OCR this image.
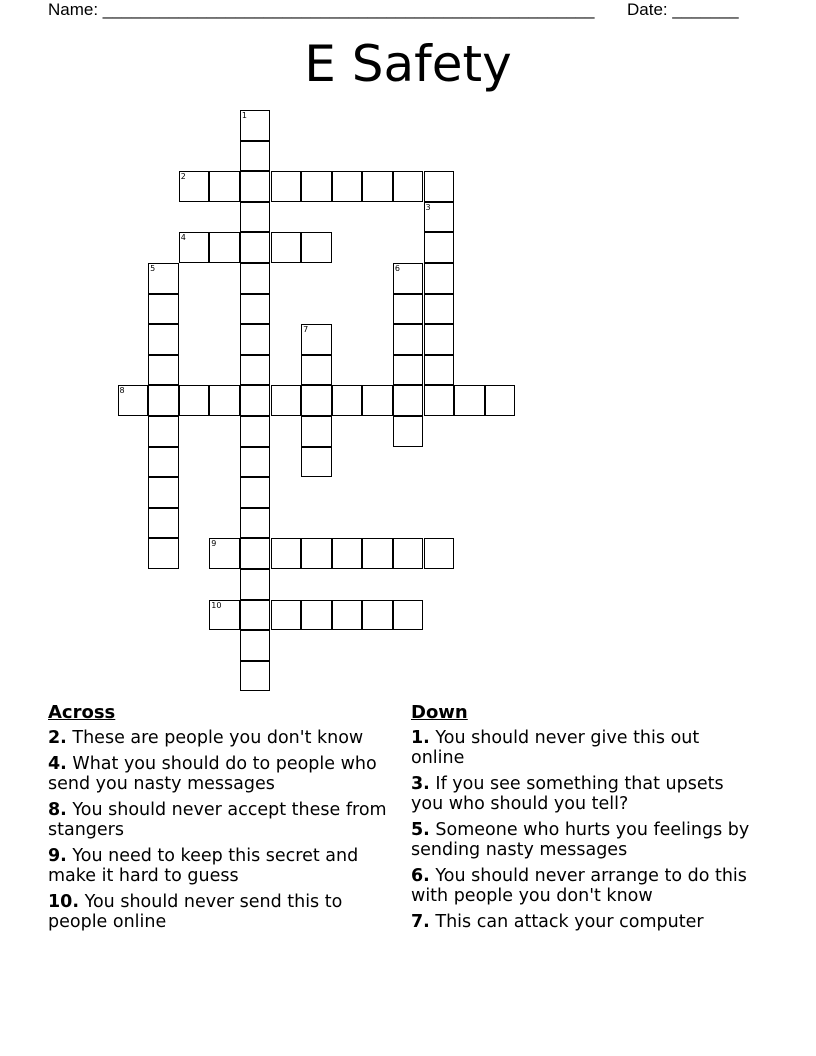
Name: ____________________________________________________ Date: _______
E Safety
1
2
3
4
5	6
7
8
9
10
Across
2. These are people you don't know
4. What you should do to people who send you nasty messages
8. You should never accept these from stangers
9. You need to keep this secret and make it hard to guess
10. You should never send this to people online
Down
1. You should never give this out online
3. If you see something that upsets you who should you tell?
5. Someone who hurts you feelings by sending nasty messages
6. You should never arrange to do this with people you don't know
7. This can attack your computer
